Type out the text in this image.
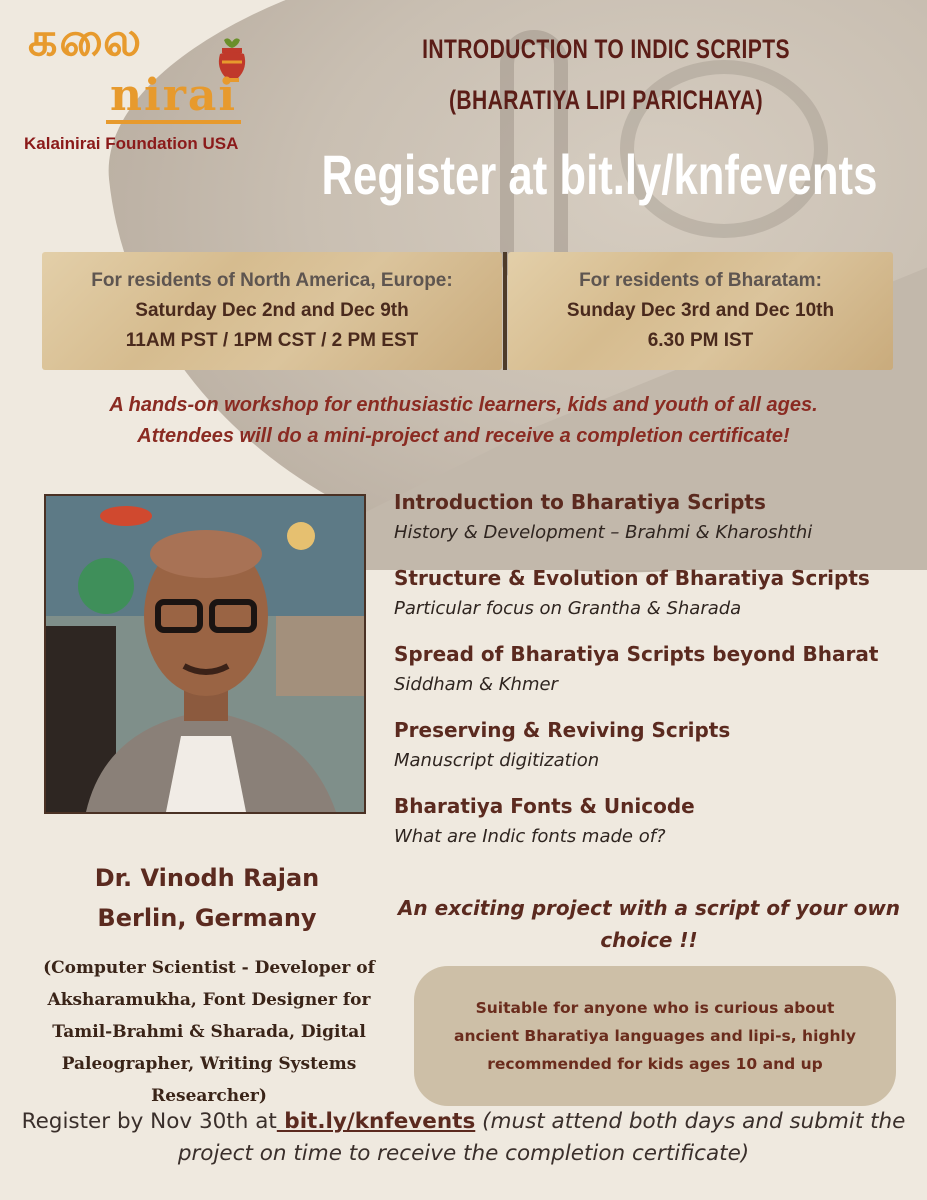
கலை
nirai
Kalainirai Foundation USA
INTRODUCTION TO INDIC SCRIPTS
(BHARATIYA LIPI PARICHAYA)
Register at bit.ly/knfevents
For residents of North America, Europe:
Saturday Dec 2nd and Dec 9th
11AM PST / 1PM CST / 2 PM EST
For residents of Bharatam:
Sunday Dec 3rd and Dec 10th
6.30 PM IST
A hands-on workshop for enthusiastic learners, kids and youth of all ages.
Attendees will do a mini-project and receive a completion certificate!
Dr. Vinodh Rajan
Berlin, Germany
(Computer Scientist - Developer of Aksharamukha, Font Designer for Tamil-Brahmi & Sharada, Digital Paleographer, Writing Systems Researcher)
Introduction to Bharatiya Scripts
History & Development – Brahmi & Kharoshthi
Structure & Evolution of Bharatiya Scripts
Particular focus on Grantha & Sharada
Spread of Bharatiya Scripts beyond Bharat
Siddham & Khmer
Preserving & Reviving Scripts
Manuscript digitization
Bharatiya Fonts & Unicode
What are Indic fonts made of?
An exciting project with a script of your own choice !!
Suitable for anyone who is curious about ancient Bharatiya languages and lipi-s, highly recommended for kids ages 10 and up
Register by Nov 30th at bit.ly/knfevents (must attend both days and submit the project on time to receive the completion certificate)
